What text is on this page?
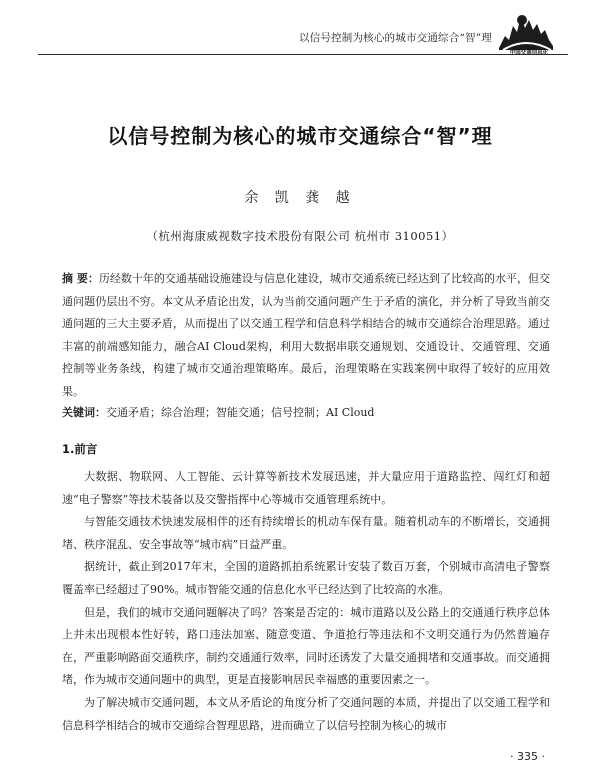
以信号控制为核心的城市交通综合“智”理
中国交通信息化
以信号控制为核心的城市交通综合“智”理
余 凯 龚 越
（杭州海康威视数字技术股份有限公司 杭州市 310051）
摘 要：历经数十年的交通基础设施建设与信息化建设，城市交通系统已经达到了比较高的水平，但交通问题仍层出不穷。本文从矛盾论出发，认为当前交通问题产生于矛盾的演化，并分析了导致当前交通问题的三大主要矛盾，从而提出了以交通工程学和信息科学相结合的城市交通综合治理思路。通过丰富的前端感知能力，融合AI Cloud架构，利用大数据串联交通规划、交通设计、交通管理、交通控制等业务条线，构建了城市交通治理策略库。最后，治理策略在实践案例中取得了较好的应用效果。
关键词：交通矛盾；综合治理；智能交通；信号控制；AI Cloud
1.前言

大数据、物联网、人工智能、云计算等新技术发展迅速，并大量应用于道路监控、闯红灯和超速“电子警察”等技术装备以及交警指挥中心等城市交通管理系统中。

与智能交通技术快速发展相伴的还有持续增长的机动车保有量。随着机动车的不断增长，交通拥堵、秩序混乱、安全事故等“城市病”日益严重。

据统计，截止到2017年末，全国的道路抓拍系统累计安装了数百万套，个别城市高清电子警察覆盖率已经超过了90%。城市智能交通的信息化水平已经达到了比较高的水准。

但是，我们的城市交通问题解决了吗？答案是否定的：城市道路以及公路上的交通通行秩序总体上并未出现根本性好转，路口违法加塞、随意变道、争道抢行等违法和不文明交通行为仍然普遍存在，严重影响路面交通秩序，制约交通通行效率，同时还诱发了大量交通拥堵和交通事故。而交通拥堵，作为城市交通问题中的典型，更是直接影响居民幸福感的重要因素之一。

为了解决城市交通问题，本文从矛盾论的角度分析了交通问题的本质，并提出了以交通工程学和信息科学相结合的城市交通综合智理思路，进而确立了以信号控制为核心的城市

· 335 ·
